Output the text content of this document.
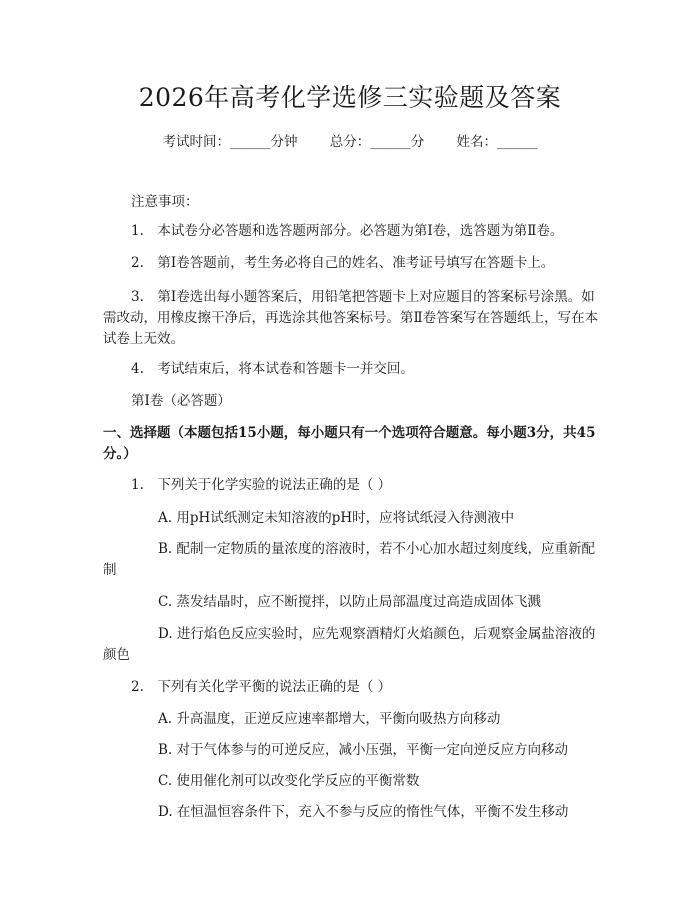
2026年高考化学选修三实验题及答案
考试时间：______分钟 总分：______分 姓名：______
注意事项：
1.　本试卷分必答题和选答题两部分。必答题为第Ⅰ卷，选答题为第Ⅱ卷。
2.　第Ⅰ卷答题前，考生务必将自己的姓名、准考证号填写在答题卡上。
3.　第Ⅰ卷选出每小题答案后，用铅笔把答题卡上对应题目的答案标号涂黑。如需改动，用橡皮擦干净后，再选涂其他答案标号。第Ⅱ卷答案写在答题纸上，写在本试卷上无效。
4.　考试结束后，将本试卷和答题卡一并交回。
第Ⅰ卷（必答题）
一、选择题（本题包括15小题，每小题只有一个选项符合题意。每小题3分，共45分。）
1.　下列关于化学实验的说法正确的是（ ）
A. 用pH试纸测定未知溶液的pH时，应将试纸浸入待测液中
B. 配制一定物质的量浓度的溶液时，若不小心加水超过刻度线，应重新配制
C. 蒸发结晶时，应不断搅拌，以防止局部温度过高造成固体飞溅
D. 进行焰色反应实验时，应先观察酒精灯火焰颜色，后观察金属盐溶液的颜色
2.　下列有关化学平衡的说法正确的是（ ）
A. 升高温度，正逆反应速率都增大，平衡向吸热方向移动
B. 对于气体参与的可逆反应，减小压强，平衡一定向逆反应方向移动
C. 使用催化剂可以改变化学反应的平衡常数
D. 在恒温恒容条件下，充入不参与反应的惰性气体，平衡不发生移动
